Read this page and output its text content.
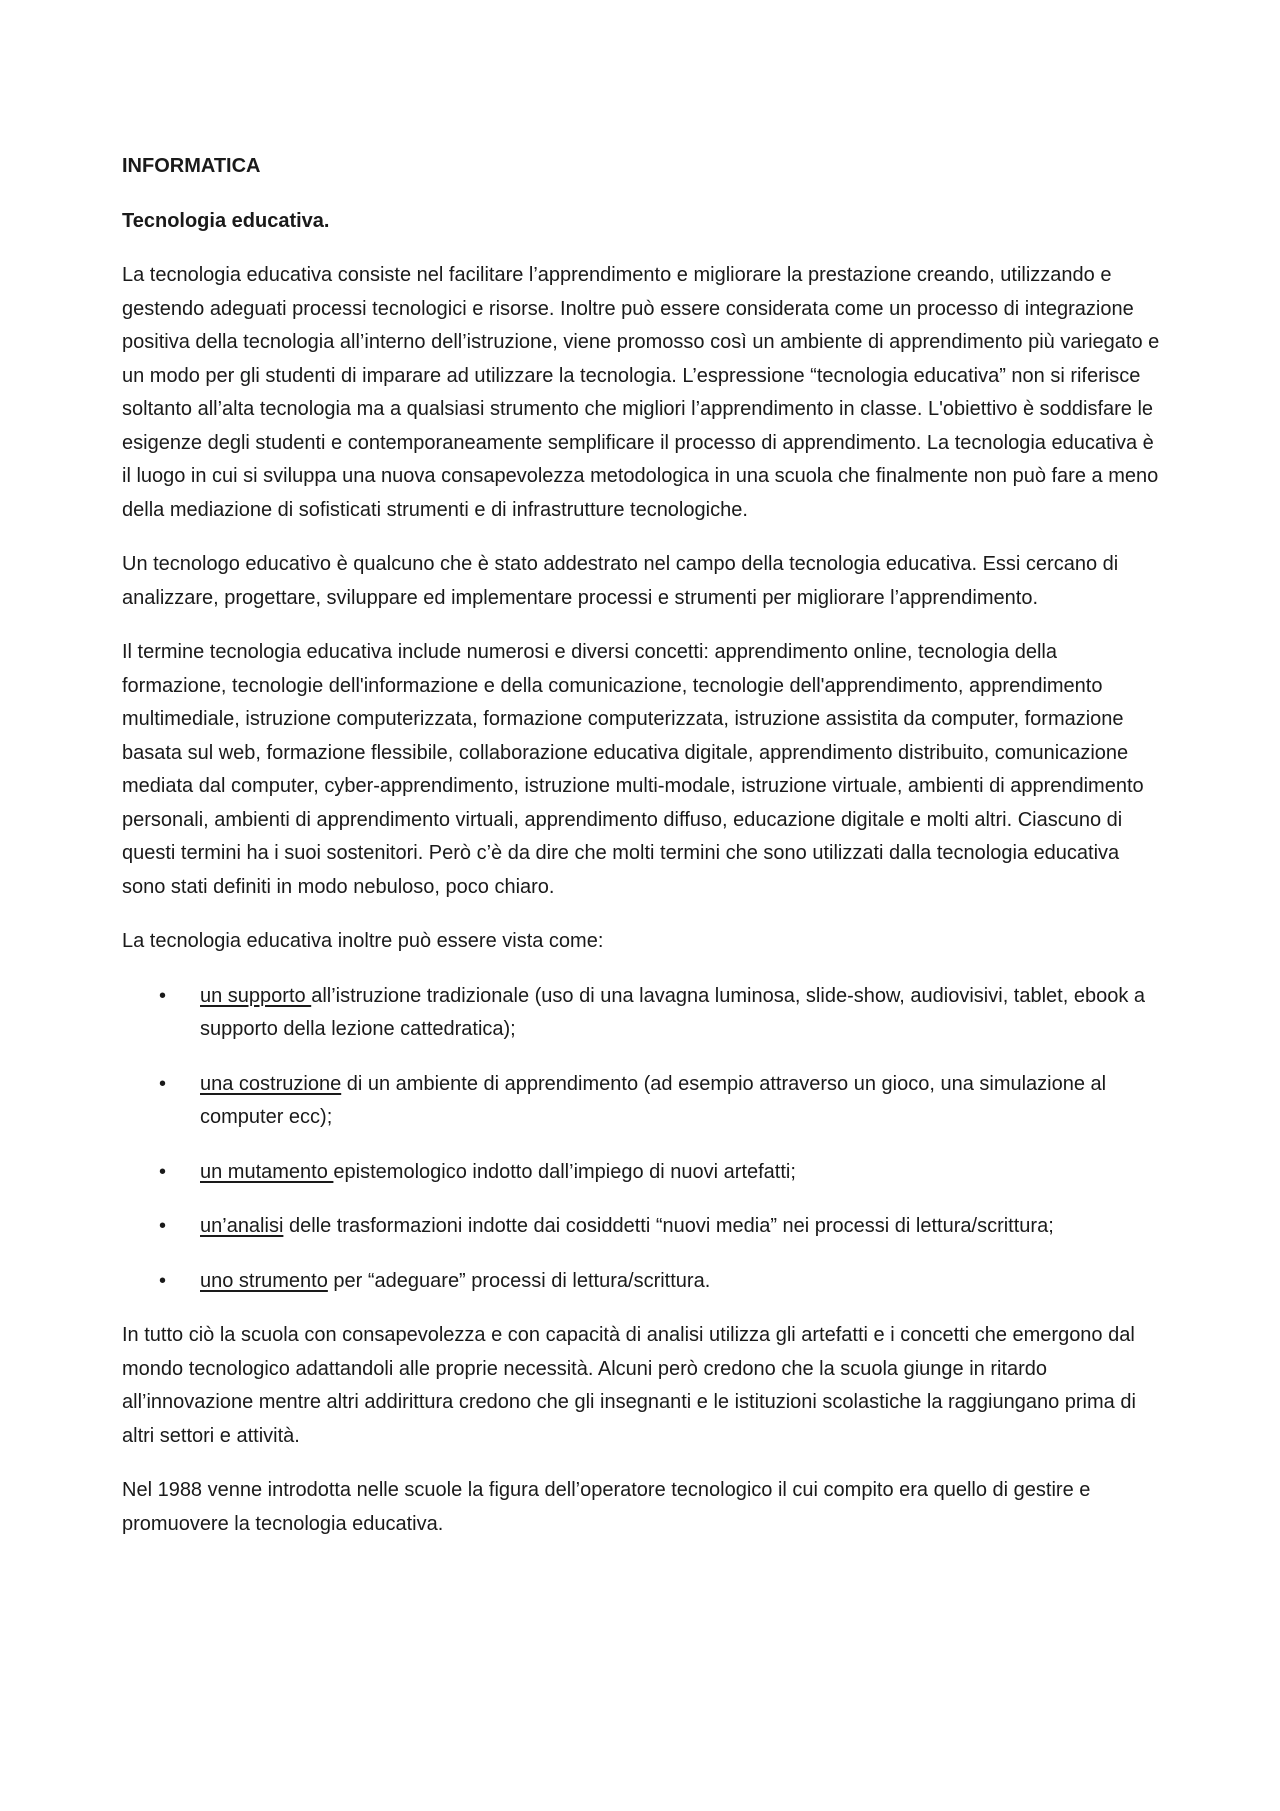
INFORMATICA

Tecnologia educativa.

La tecnologia educativa consiste nel facilitare l’apprendimento e migliorare la prestazione creando, utilizzando e gestendo adeguati processi tecnologici e risorse. Inoltre può essere considerata come un processo di integrazione positiva della tecnologia all’interno dell’istruzione, viene promosso così un ambiente di apprendimento più variegato e un modo per gli studenti di imparare ad utilizzare la tecnologia. L’espressione “tecnologia educativa” non si riferisce soltanto all’alta tecnologia ma a qualsiasi strumento che migliori l’apprendimento in classe. L'obiettivo è soddisfare le esigenze degli studenti e contemporaneamente semplificare il processo di apprendimento. La tecnologia educativa è il luogo in cui si sviluppa una nuova consapevolezza metodologica in una scuola che finalmente non può fare a meno della mediazione di sofisticati strumenti e di infrastrutture tecnologiche.

Un tecnologo educativo è qualcuno che è stato addestrato nel campo della tecnologia educativa. Essi cercano di analizzare, progettare, sviluppare ed implementare processi e strumenti per migliorare l’apprendimento.

Il termine tecnologia educativa include numerosi e diversi concetti: apprendimento online, tecnologia della formazione, tecnologie dell'informazione e della comunicazione, tecnologie dell'apprendimento, apprendimento multimediale, istruzione computerizzata, formazione computerizzata, istruzione assistita da computer, formazione basata sul web, formazione flessibile, collaborazione educativa digitale, apprendimento distribuito, comunicazione mediata dal computer, cyber-apprendimento, istruzione multi-modale, istruzione virtuale, ambienti di apprendimento personali, ambienti di apprendimento virtuali, apprendimento diffuso, educazione digitale e molti altri. Ciascuno di questi termini ha i suoi sostenitori. Però c’è da dire che molti termini che sono utilizzati dalla tecnologia educativa sono stati definiti in modo nebuloso, poco chiaro.

La tecnologia educativa inoltre può essere vista come:

• un supporto all’istruzione tradizionale (uso di una lavagna luminosa, slide-show, audiovisivi, tablet, ebook a supporto della lezione cattedratica);
• una costruzione di un ambiente di apprendimento (ad esempio attraverso un gioco, una simulazione al computer ecc);
• un mutamento epistemologico indotto dall’impiego di nuovi artefatti;
• un’analisi delle trasformazioni indotte dai cosiddetti “nuovi media” nei processi di lettura/scrittura;
• uno strumento per “adeguare” processi di lettura/scrittura.

In tutto ciò la scuola con consapevolezza e con capacità di analisi utilizza gli artefatti e i concetti che emergono dal mondo tecnologico adattandoli alle proprie necessità. Alcuni però credono che la scuola giunge in ritardo all’innovazione mentre altri addirittura credono che gli insegnanti e le istituzioni scolastiche la raggiungano prima di altri settori e attività.

Nel 1988 venne introdotta nelle scuole la figura dell’operatore tecnologico il cui compito era quello di gestire e promuovere la tecnologia educativa.
